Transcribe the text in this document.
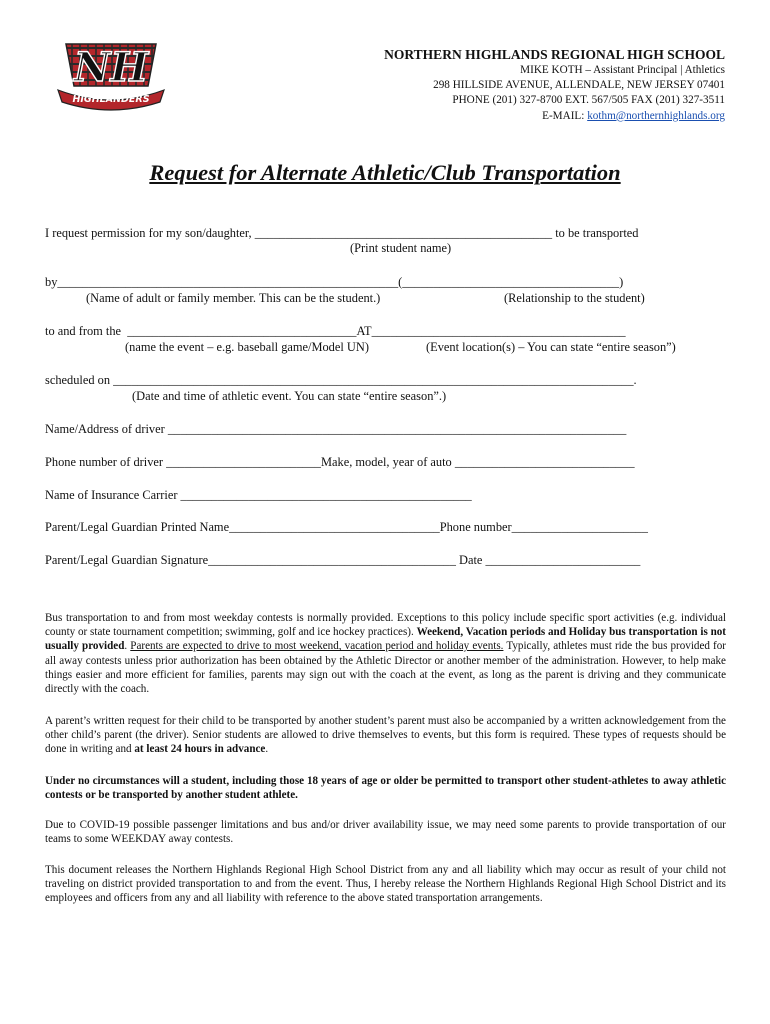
NH
HIGHLANDERS
NORTHERN HIGHLANDS REGIONAL HIGH SCHOOL
MIKE KOTH – Assistant Principal | Athletics
298 HILLSIDE AVENUE, ALLENDALE, NEW JERSEY 07401
PHONE (201) 327-8700 EXT. 567/505 FAX (201) 327-3511
E-MAIL: kothm@northernhighlands.org
Request for Alternate Athletic/Club Transportation
I request permission for my son/daughter, ________________________________________________ to be transported
(Print student name)
by_______________________________________________________(___________________________________)
(Name of adult or family member. This can be the student.)	(Relationship to the student)
to and from the  _____________________________________AT_________________________________________
(name the event – e.g. baseball game/Model UN)	(Event location(s) – You can state “entire season”)
scheduled on ____________________________________________________________________________________.
(Date and time of athletic event. You can state “entire season”.)
Name/Address of driver __________________________________________________________________________
Phone number of driver _________________________Make, model, year of auto _____________________________
Name of Insurance Carrier _______________________________________________
Parent/Legal Guardian Printed Name__________________________________Phone number______________________
Parent/Legal Guardian Signature________________________________________ Date _________________________
Bus transportation to and from most weekday contests is normally provided. Exceptions to this policy include specific sport activities (e.g. individual county or state tournament competition; swimming, golf and ice hockey practices). Weekend, Vacation periods and Holiday bus transportation is not usually provided. Parents are expected to drive to most weekend, vacation period and holiday events. Typically, athletes must ride the bus provided for all away contests unless prior authorization has been obtained by the Athletic Director or another member of the administration. However, to help make things easier and more efficient for families, parents may sign out with the coach at the event, as long as the parent is driving and they communicate directly with the coach.
A parent’s written request for their child to be transported by another student’s parent must also be accompanied by a written acknowledgement from the other child’s parent (the driver). Senior students are allowed to drive themselves to events, but this form is required. These types of requests should be done in writing and at least 24 hours in advance.
Under no circumstances will a student, including those 18 years of age or older be permitted to transport other student-athletes to away athletic contests or be transported by another student athlete.
Due to COVID-19 possible passenger limitations and bus and/or driver availability issue, we may need some parents to provide transportation of our teams to some WEEKDAY away contests.
This document releases the Northern Highlands Regional High School District from any and all liability which may occur as result of your child not traveling on district provided transportation to and from the event. Thus, I hereby release the Northern Highlands Regional High School District and its employees and officers from any and all liability with reference to the above stated transportation arrangements.
